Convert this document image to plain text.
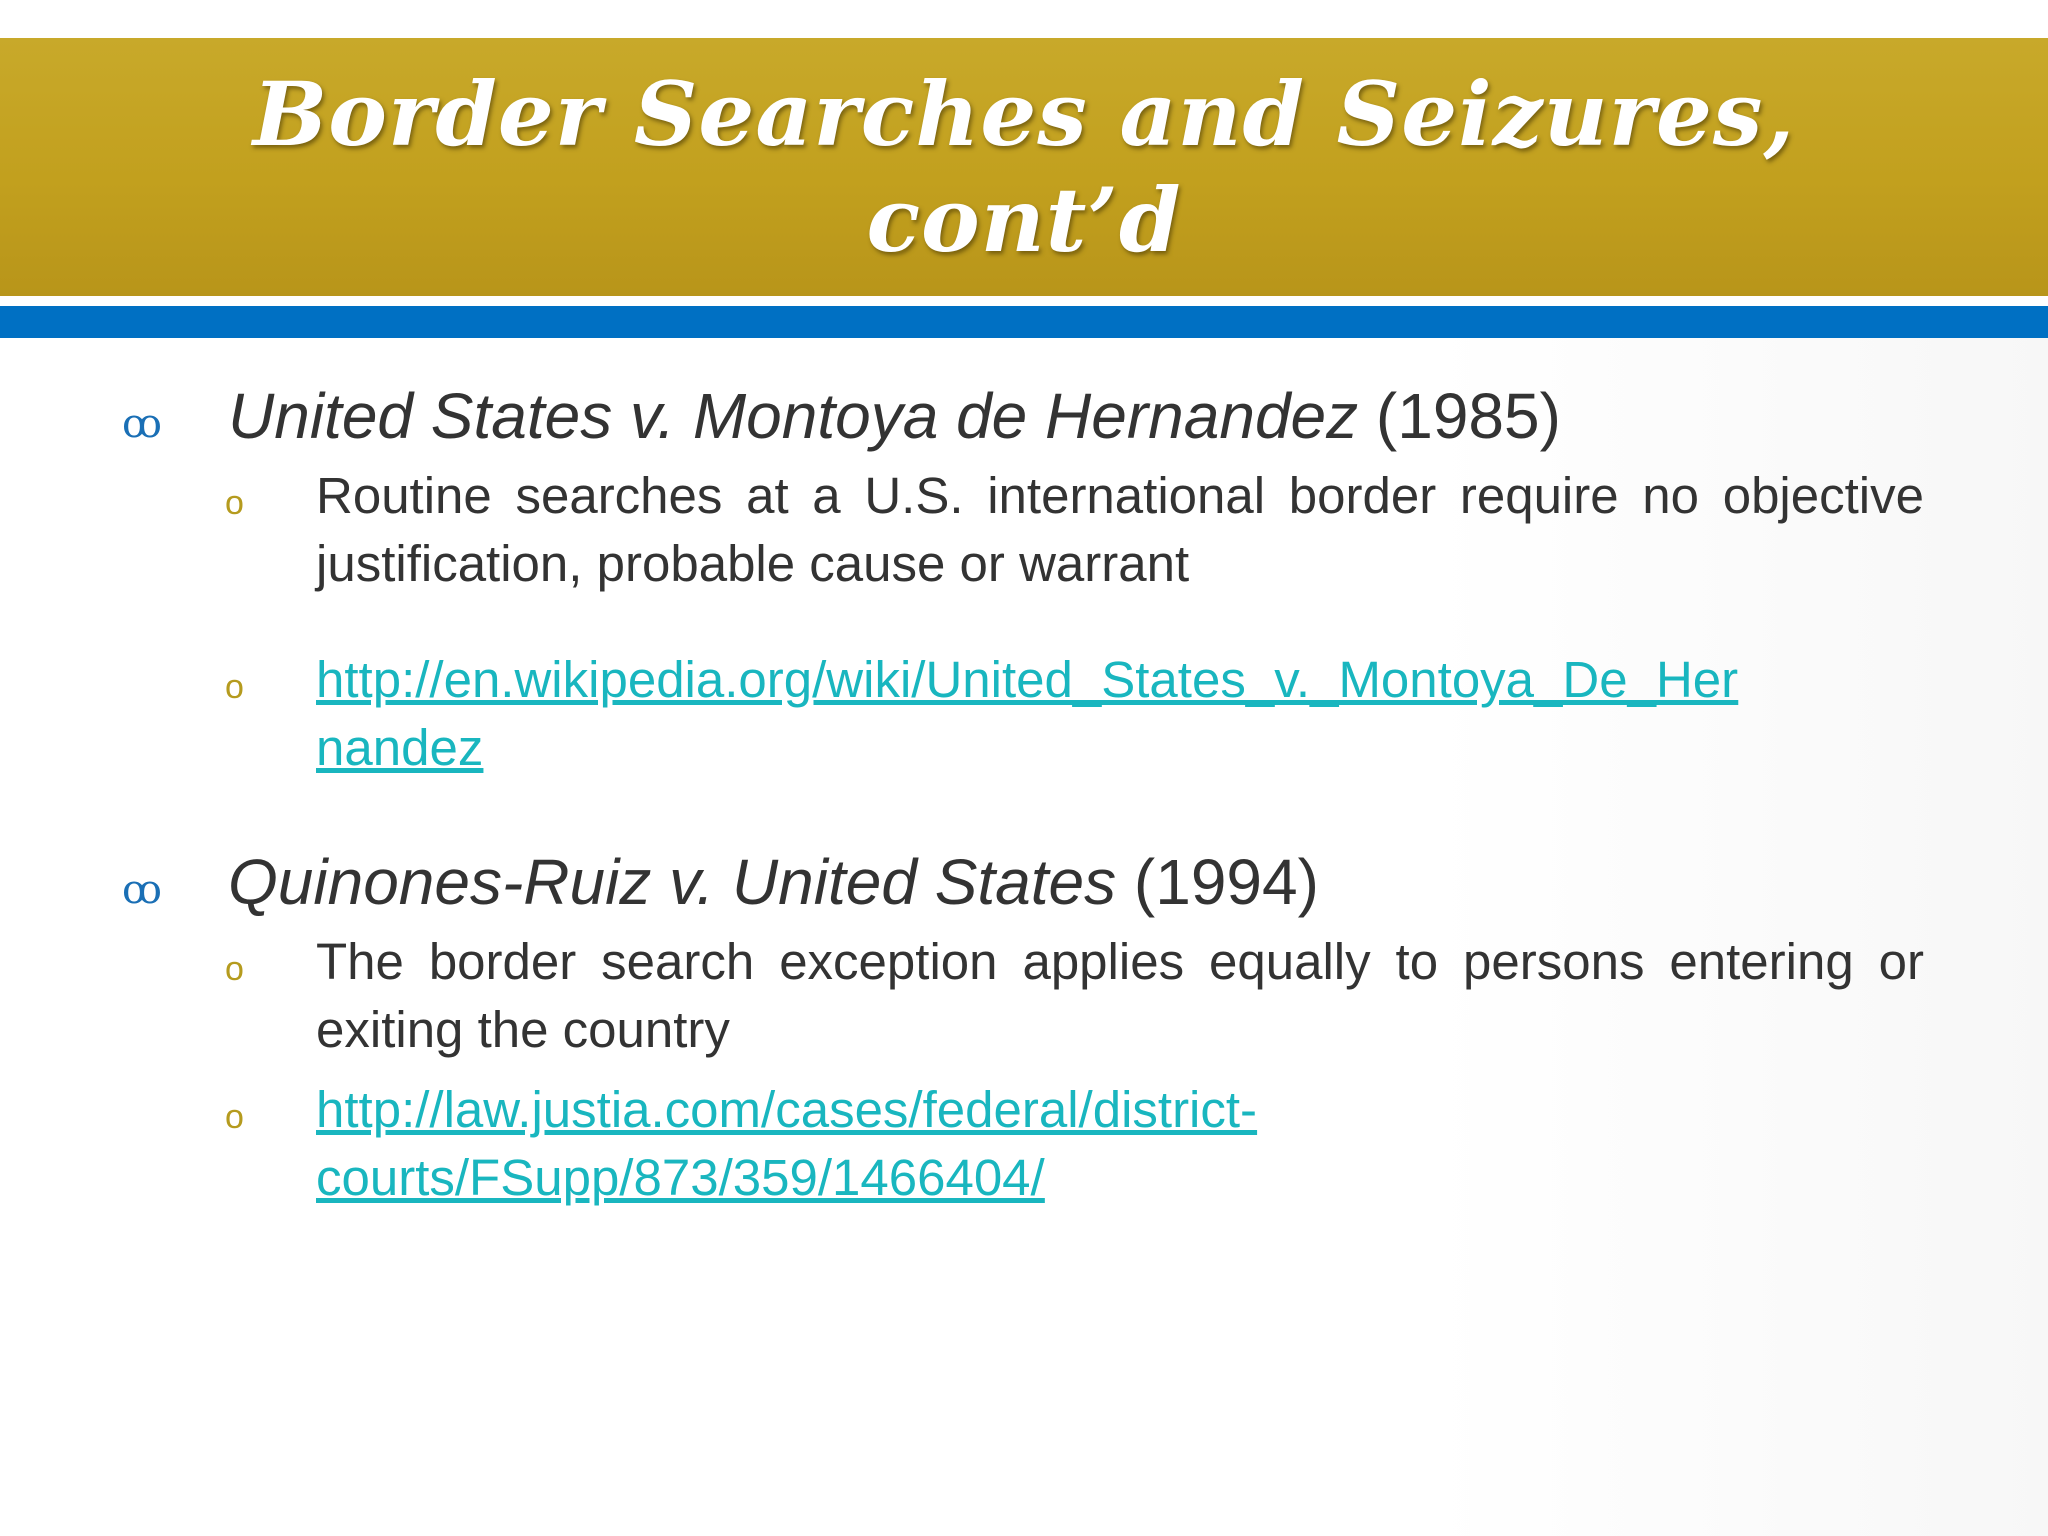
Border Searches and Seizures,
cont’d
ꝏ United States v. Montoya de Hernandez (1985)
o Routine searches at a U.S. international border require no objective justification, probable cause or warrant
o http://en.wikipedia.org/wiki/United_States_v._Montoya_De_Her
nandez
ꝏ Quinones-Ruiz v. United States (1994)
o The border search exception applies equally to persons entering or exiting the country
o http://law.justia.com/cases/federal/district-
courts/FSupp/873/359/1466404/
